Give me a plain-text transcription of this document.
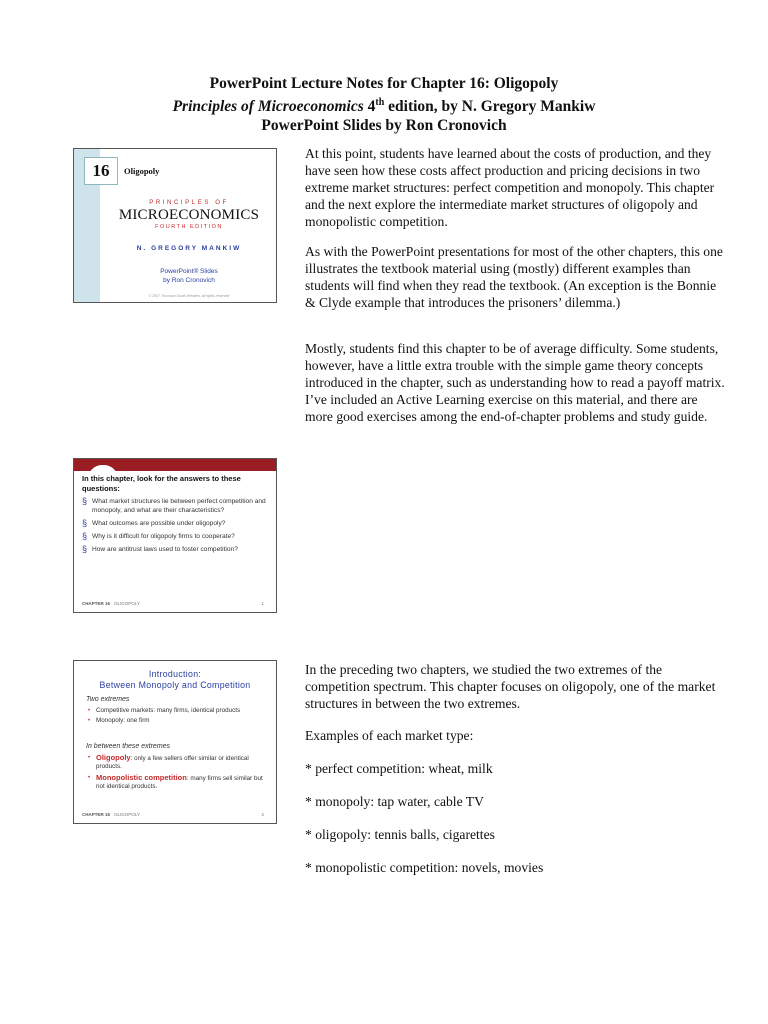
PowerPoint Lecture Notes for Chapter 16: Oligopoly
Principles of Microeconomics 4th edition, by N. Gregory Mankiw
PowerPoint Slides by Ron Cronovich
16	Oligopoly
PRINCIPLES OF
MICROECONOMICS
FOURTH EDITION
N. GREGORY MANKIW
PowerPoint® Slides
by Ron Cronovich
© 2007 Thomson South-Western, all rights reserved
In this chapter, look for the answers to these questions:
§ What market structures lie between perfect competition and monopoly, and what are their characteristics?
§ What outcomes are possible under oligopoly?
§ Why is it difficult for oligopoly firms to cooperate?
§ How are antitrust laws used to foster competition?
CHAPTER 16 OLIGOPOLY	1
Introduction:
Between Monopoly and Competition
Two extremes
• Competitive markets: many firms, identical products
• Monopoly: one firm
In between these extremes
• Oligopoly: only a few sellers offer similar or identical products.
• Monopolistic competition: many firms sell similar but not identical products.
CHAPTER 16 OLIGOPOLY	2

At this point, students have learned about the costs of production, and they have seen how these costs affect production and pricing decisions in two extreme market structures: perfect competition and monopoly. This chapter and the next explore the intermediate market structures of oligopoly and monopolistic competition.

As with the PowerPoint presentations for most of the other chapters, this one illustrates the textbook material using (mostly) different examples than students will find when they read the textbook. (An exception is the Bonnie & Clyde example that introduces the prisoners’ dilemma.)

Mostly, students find this chapter to be of average difficulty. Some students, however, have a little extra trouble with the simple game theory concepts introduced in the chapter, such as understanding how to read a payoff matrix. I’ve included an Active Learning exercise on this material, and there are more good exercises among the end-of-chapter problems and study guide.

In the preceding two chapters, we studied the two extremes of the competition spectrum. This chapter focuses on oligopoly, one of the market structures in between the two extremes.

Examples of each market type:

* perfect competition: wheat, milk

* monopoly: tap water, cable TV

* oligopoly: tennis balls, cigarettes

* monopolistic competition: novels, movies
